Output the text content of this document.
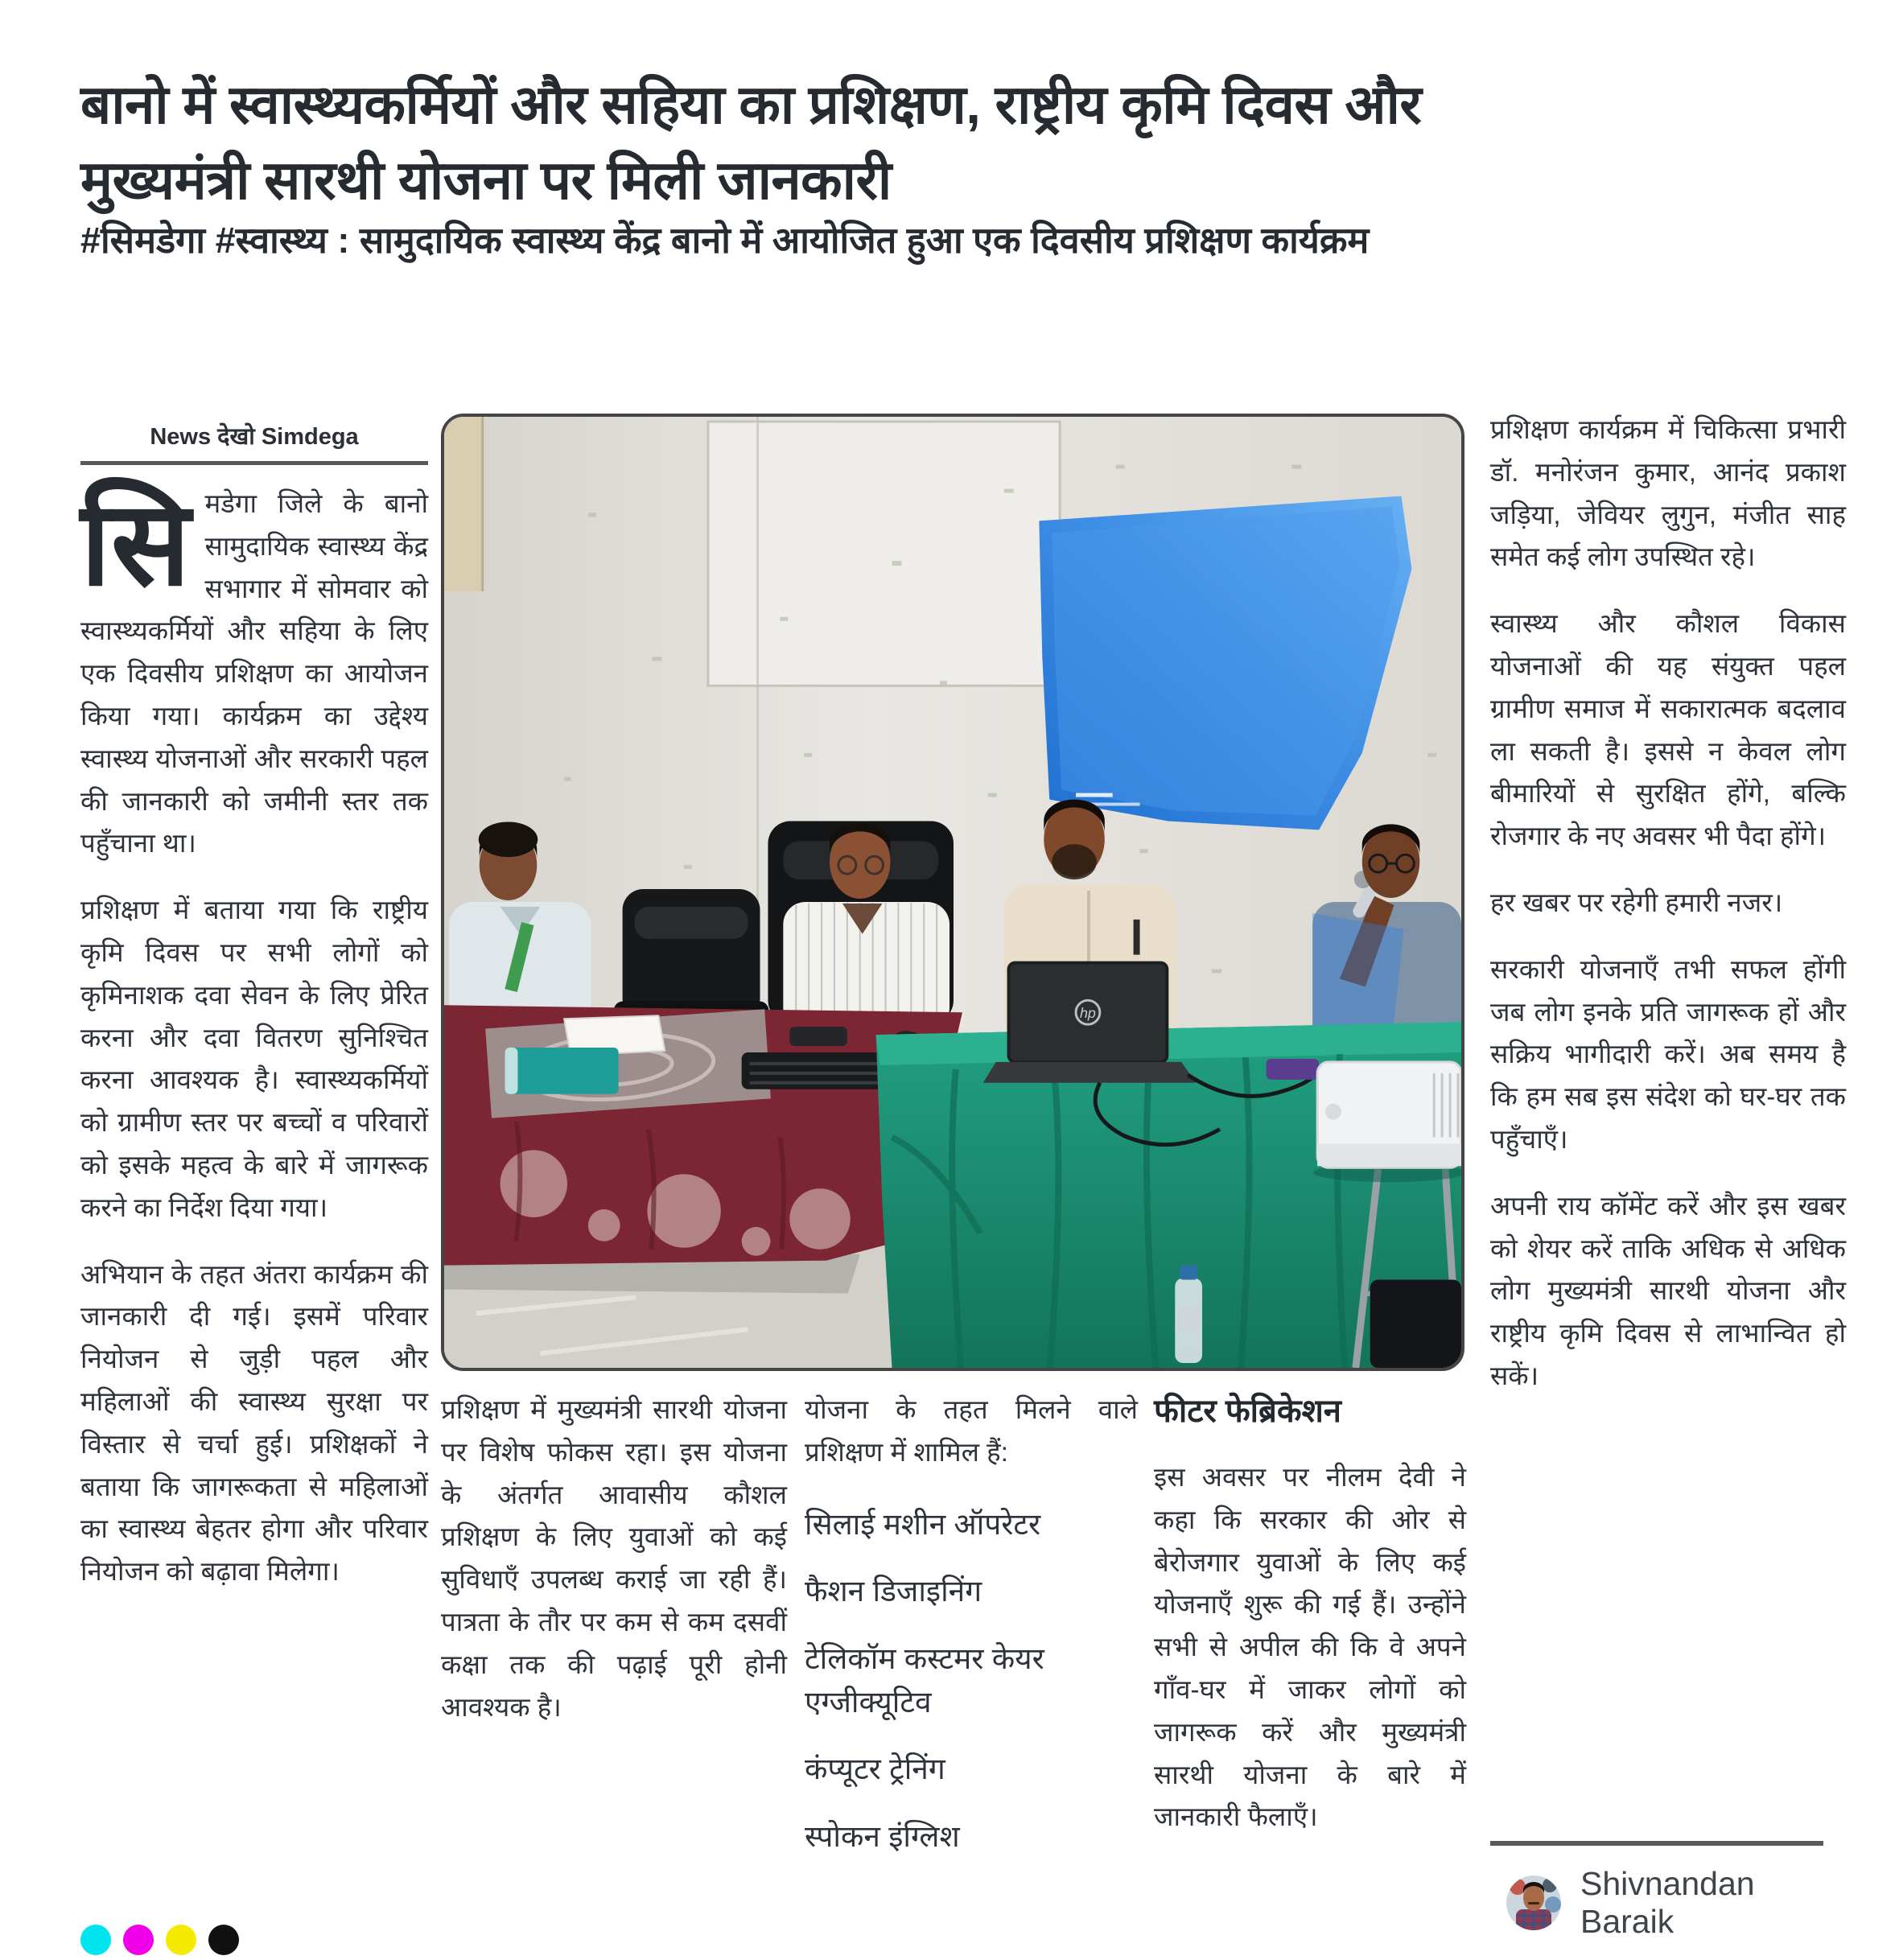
बानो में स्वास्थ्यकर्मियों और सहिया का प्रशिक्षण, राष्ट्रीय कृमि दिवस और मुख्यमंत्री सारथी योजना पर मिली जानकारी
#सिमडेगा #स्वास्थ्य : सामुदायिक स्वास्थ्य केंद्र बानो में आयोजित हुआ एक दिवसीय प्रशिक्षण कार्यक्रम
News देखो Simdega

सिमडेगा जिले के बानो सामुदायिक स्वास्थ्य केंद्र सभागार में सोमवार को स्वास्थ्यकर्मियों और सहिया के लिए एक दिवसीय प्रशिक्षण का आयोजन किया गया। कार्यक्रम का उद्देश्य स्वास्थ्य योजनाओं और सरकारी पहल की जानकारी को जमीनी स्तर तक पहुँचाना था।

प्रशिक्षण में बताया गया कि राष्ट्रीय कृमि दिवस पर सभी लोगों को कृमिनाशक दवा सेवन के लिए प्रेरित करना और दवा वितरण सुनिश्चित करना आवश्यक है। स्वास्थ्यकर्मियों को ग्रामीण स्तर पर बच्चों व परिवारों को इसके महत्व के बारे में जागरूक करने का निर्देश दिया गया।

अभियान के तहत अंतरा कार्यक्रम की जानकारी दी गई। इसमें परिवार नियोजन से जुड़ी पहल और महिलाओं की स्वास्थ्य सुरक्षा पर विस्तार से चर्चा हुई। प्रशिक्षकों ने बताया कि जागरूकता से महिलाओं का स्वास्थ्य बेहतर होगा और परिवार नियोजन को बढ़ावा मिलेगा।

hp

प्रशिक्षण में मुख्यमंत्री सारथी योजना पर विशेष फोकस रहा। इस योजना के अंतर्गत आवासीय कौशल प्रशिक्षण के लिए युवाओं को कई सुविधाएँ उपलब्ध कराई जा रही हैं। पात्रता के तौर पर कम से कम दसवीं कक्षा तक की पढ़ाई पूरी होनी आवश्यक है।

योजना के तहत मिलने वाले प्रशिक्षण में शामिल हैं:

सिलाई मशीन ऑपरेटर

फैशन डिजाइनिंग

टेलिकॉम कस्टमर केयर एग्जीक्यूटिव

कंप्यूटर ट्रेनिंग

स्पोकन इंग्लिश

फीटर फेब्रिकेशन

इस अवसर पर नीलम देवी ने कहा कि सरकार की ओर से बेरोजगार युवाओं के लिए कई योजनाएँ शुरू की गई हैं। उन्होंने सभी से अपील की कि वे अपने गाँव-घर में जाकर लोगों को जागरूक करें और मुख्यमंत्री सारथी योजना के बारे में जानकारी फैलाएँ।

प्रशिक्षण कार्यक्रम में चिकित्सा प्रभारी डॉ. मनोरंजन कुमार, आनंद प्रकाश जड़िया, जेवियर लुगुन, मंजीत साह समेत कई लोग उपस्थित रहे।

स्वास्थ्य और कौशल विकास योजनाओं की यह संयुक्त पहल ग्रामीण समाज में सकारात्मक बदलाव ला सकती है। इससे न केवल लोग बीमारियों से सुरक्षित होंगे, बल्कि रोजगार के नए अवसर भी पैदा होंगे।

हर खबर पर रहेगी हमारी नजर।

सरकारी योजनाएँ तभी सफल होंगी जब लोग इनके प्रति जागरूक हों और सक्रिय भागीदारी करें। अब समय है कि हम सब इस संदेश को घर-घर तक पहुँचाएँ।

अपनी राय कॉमेंट करें और इस खबर को शेयर करें ताकि अधिक से अधिक लोग मुख्यमंत्री सारथी योजना और राष्ट्रीय कृमि दिवस से लाभान्वित हो सकें।

Shivnandan Baraik
